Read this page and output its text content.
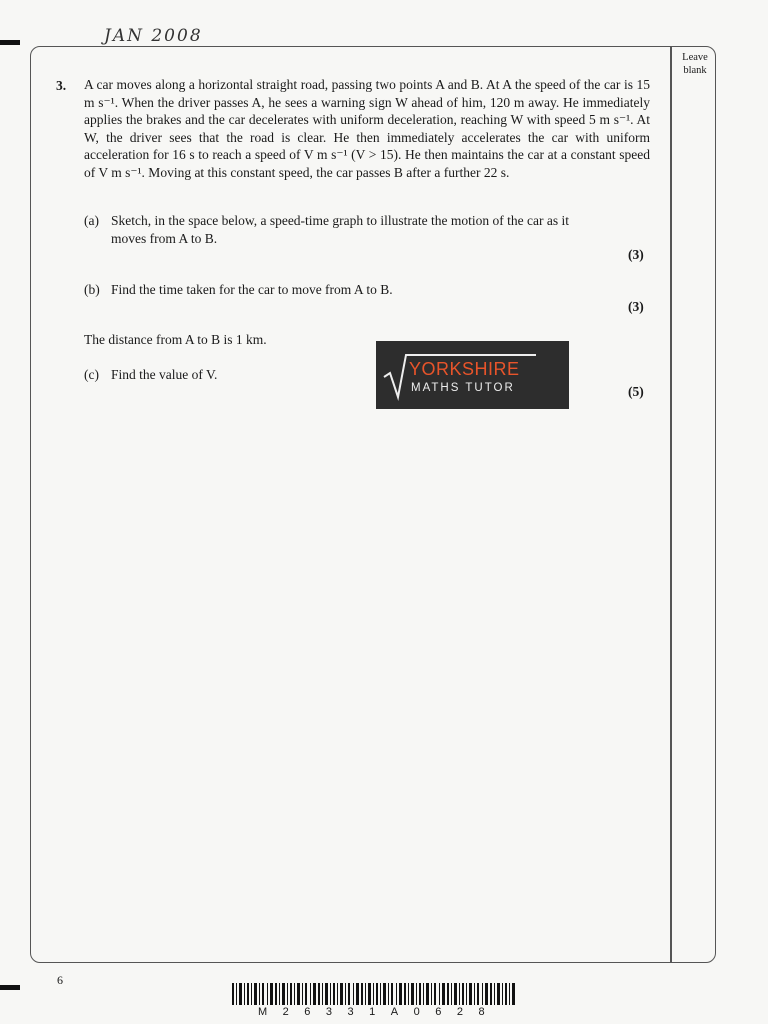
JAN 2008
Leave
blank
3. A car moves along a horizontal straight road, passing two points A and B. At A the speed of the car is 15 m s⁻¹. When the driver passes A, he sees a warning sign W ahead of him, 120 m away. He immediately applies the brakes and the car decelerates with uniform deceleration, reaching W with speed 5 m s⁻¹. At W, the driver sees that the road is clear. He then immediately accelerates the car with uniform acceleration for 16 s to reach a speed of V m s⁻¹ (V > 15). He then maintains the car at a constant speed of V m s⁻¹. Moving at this constant speed, the car passes B after a further 22 s.
(a) Sketch, in the space below, a speed-time graph to illustrate the motion of the car as it
moves from A to B.
(3)
(b) Find the time taken for the car to move from A to B.
(3)
The distance from A to B is 1 km.
(c) Find the value of V.
(5)
YORKSHIRE
MATHS TUTOR
6
M26331A0628
